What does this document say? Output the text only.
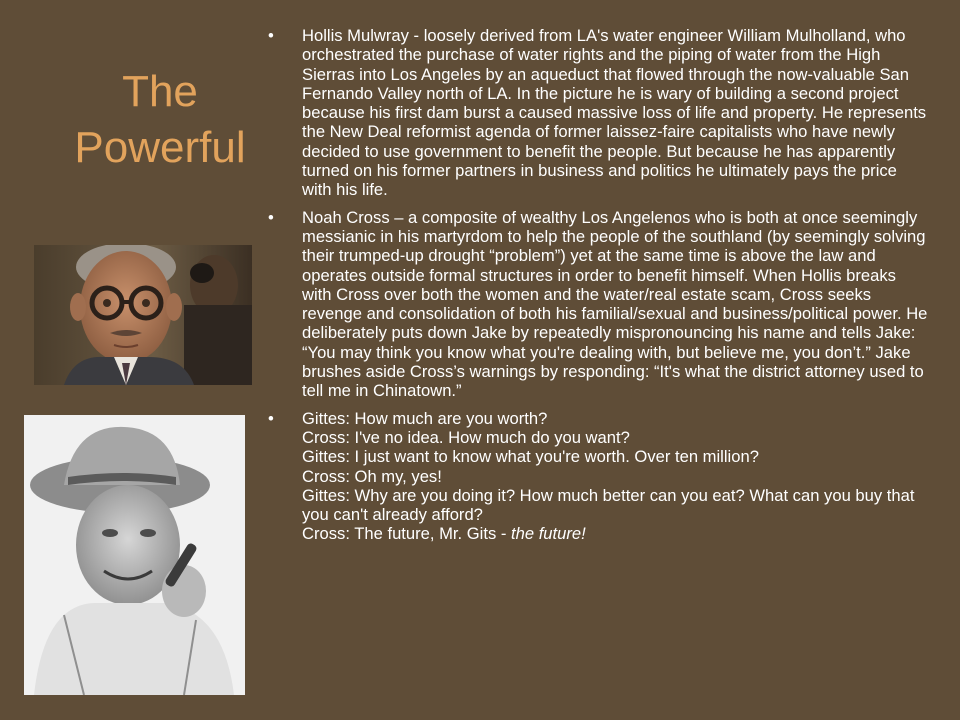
The
Powerful
• Hollis Mulwray - loosely derived from LA's water engineer William Mulholland, who orchestrated the purchase of water rights and the piping of water from the High Sierras into Los Angeles by an aqueduct that flowed through the now-valuable San Fernando Valley north of LA. In the picture he is wary of building a second project because his first dam burst a caused massive loss of life and property. He represents the New Deal reformist agenda of former laissez-faire capitalists who have newly decided to use government to benefit the people. But because he has apparently turned on his former partners in business and politics he ultimately pays the price with his life.
• Noah Cross – a composite of wealthy Los Angelenos who is both at once seemingly messianic in his martyrdom to help the people of the southland (by seemingly solving their trumped-up drought “problem”) yet at the same time is above the law and operates outside formal structures in order to benefit himself. When Hollis breaks with Cross over both the women and the water/real estate scam, Cross seeks revenge and consolidation of both his familial/sexual and business/political power. He deliberately puts down Jake by repeatedly mispronouncing his name and tells Jake: “You may think you know what you're dealing with, but believe me, you don’t.” Jake brushes aside Cross’s warnings by responding: “It's what the district attorney used to tell me in Chinatown.”
• Gittes: How much are you worth?
Cross: I've no idea. How much do you want?
Gittes: I just want to know what you're worth. Over ten million?
Cross: Oh my, yes!
Gittes: Why are you doing it? How much better can you eat? What can you buy that you can't already afford?
Cross: The future, Mr. Gits - the future!
